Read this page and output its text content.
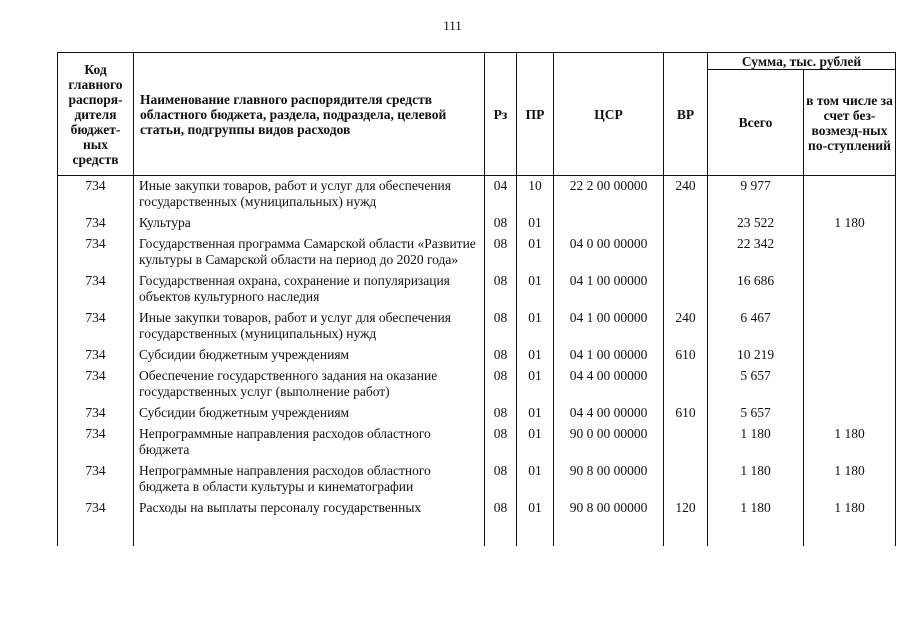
111
Код главного распоря-дителя бюджет-ных средств	Наименование главного распорядителя средств областного бюджета, раздела, подраздела, целевой статьи, подгруппы видов расходов	Рз	ПР	ЦСР	ВР	Сумма, тыс. рублей	
						Всего	в том числе за счет без-возмезд-ных по-ступлений
734	Иные закупки товаров, работ и услуг для обеспечения государственных (муниципальных) нужд	04	10	22 2 00 00000	240	9 977	
734	Культура	08	01			23 522	1 180
734	Государственная программа Самарской области «Развитие культуры в Самарской области на период до 2020 года»	08	01	04 0 00 00000		22 342	
734	Государственная охрана, сохранение и популяризация объектов культурного наследия	08	01	04 1 00 00000		16 686	
734	Иные закупки товаров, работ и услуг для обеспечения государственных (муниципальных) нужд	08	01	04 1 00 00000	240	6 467	
734	Субсидии бюджетным учреждениям	08	01	04 1 00 00000	610	10 219	
734	Обеспечение государственного задания на оказание государственных услуг (выполнение работ)	08	01	04 4 00 00000		5 657	
734	Субсидии бюджетным учреждениям	08	01	04 4 00 00000	610	5 657	
734	Непрограммные направления расходов областного бюджета	08	01	90 0 00 00000		1 180	1 180
734	Непрограммные направления расходов областного бюджета в области культуры и кинематографии	08	01	90 8 00 00000		1 180	1 180
734	Расходы на выплаты персоналу государственных	08	01	90 8 00 00000	120	1 180	1 180
